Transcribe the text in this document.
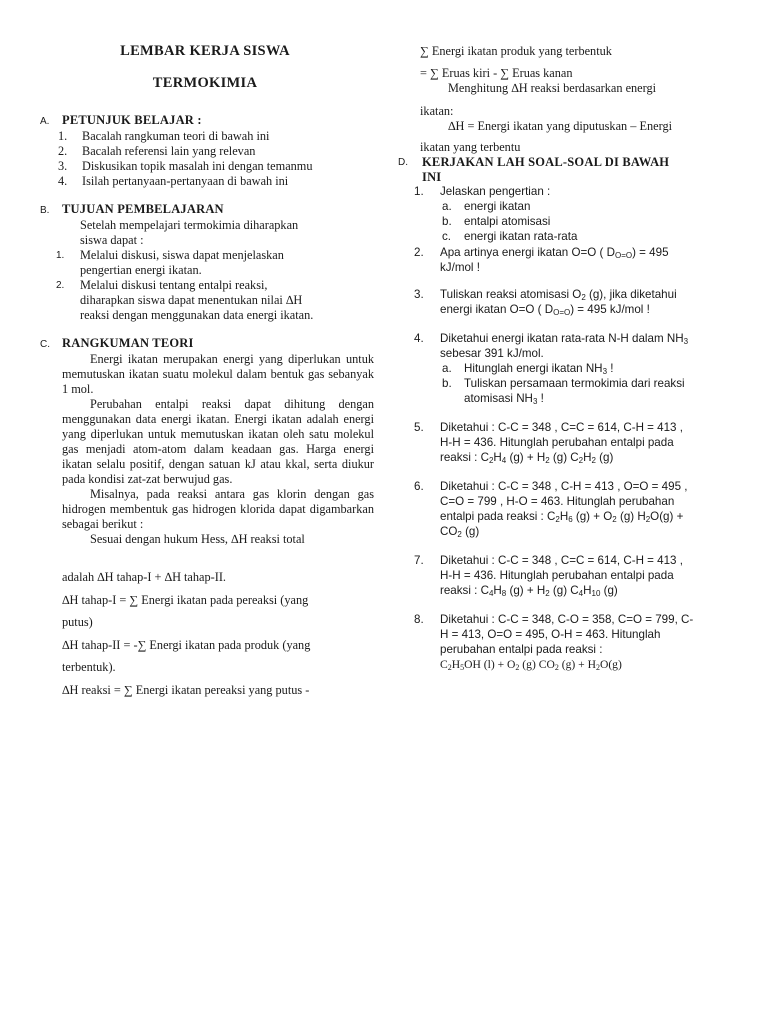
LEMBAR KERJA SISWA
TERMOKIMIA
A. PETUNJUK BELAJAR :
1.	Bacalah rangkuman teori di bawah ini
2.	Bacalah referensi lain yang relevan
3.	Diskusikan topik masalah ini dengan temanmu
4.	Isilah pertanyaan-pertanyaan di bawah ini
B. TUJUAN PEMBELAJARAN
Setelah mempelajari termokimia diharapkan
siswa dapat :
1.	Melalui diskusi, siswa dapat menjelaskan
pengertian energi ikatan.
2.	Melalui diskusi tentang entalpi reaksi,
diharapkan siswa dapat menentukan nilai ∆H
reaksi dengan menggunakan data energi ikatan.
C. RANGKUMAN TEORI
Energi ikatan merupakan energi yang diperlukan untuk memutuskan ikatan suatu molekul dalam bentuk gas sebanyak 1 mol.
Perubahan entalpi reaksi dapat dihitung dengan menggunakan data energi ikatan. Energi ikatan adalah energi yang diperlukan untuk memutuskan ikatan oleh satu molekul gas menjadi atom-atom dalam keadaan gas. Harga energi ikatan selalu positif, dengan satuan kJ atau kkal, serta diukur pada kondisi zat-zat berwujud gas.
Misalnya, pada reaksi antara gas klorin dengan gas hidrogen membentuk gas hidrogen klorida dapat digambarkan sebagai berikut :
Sesuai dengan hukum Hess, ∆H reaksi total
adalah ∆H tahap-I + ∆H tahap-II.
∆H tahap-I = ∑ Energi ikatan pada pereaksi (yang
putus)
∆H tahap-II = -∑ Energi ikatan pada produk (yang
terbentuk).
∆H reaksi = ∑ Energi ikatan pereaksi yang putus -
∑ Energi ikatan produk yang terbentuk
= ∑ Eruas kiri - ∑ Eruas kanan
Menghitung ∆H reaksi berdasarkan energi
ikatan:
∆H = Energi ikatan yang diputuskan – Energi
ikatan yang terbentu
D.	KERJAKAN LAH SOAL-SOAL DI BAWAH
INI
1.	Jelaskan pengertian :
a.	energi ikatan
b.	entalpi atomisasi
c.	energi ikatan rata-rata
2.	Apa artinya energi ikatan O=O ( $D_{O=O}) = 495$
kJ/mol !
3.	Tuliskan reaksi atomisasi $O_2$ (g), jika diketahui
energi ikatan O=O ( $D_{O=O}) = 495$ kJ/mol !
4.	Diketahui energi ikatan rata-rata N-H dalam $NH_3$
sebesar 391 kJ/mol.
a.	Hitunglah energi ikatan $NH_3$ !
b.	Tuliskan persamaan termokimia dari reaksi
atomisasi $NH_3$ !
5.	Diketahui : C-C = 348 , C=C = 614, C-H = 413 ,
H-H = 436. Hitunglah perubahan entalpi pada
reaksi : $C_2H_4$ $(g) + H_2$ (g) $C_2H_2$ (g)
6.	Diketahui : C-C = 348 , C-H = 413 , O=O = 495 ,
C=O = 799 , H-O = 463. Hitunglah perubahan
entalpi pada reaksi : $C_2H_6$ $(g) + O_2$ (g) $H_2O(g)$ +
$CO_2$ (g)
7.	Diketahui : C-C = 348 , C=C = 614, C-H = 413 ,
H-H = 436. Hitunglah perubahan entalpi pada
reaksi : $C_4H_8$ $(g) + H_2$ (g) $C_4H_{10}$ (g)
8.	Diketahui : C-C = 348, C-O = 358, C=O = 799, C-
H = 413, O=O = 495, O-H = 463. Hitunglah
perubahan entalpi pada reaksi :
$C_2H_5OH$ $(l) + O_2$ (g) $CO_2$ $(g) + H_2O(g)$
